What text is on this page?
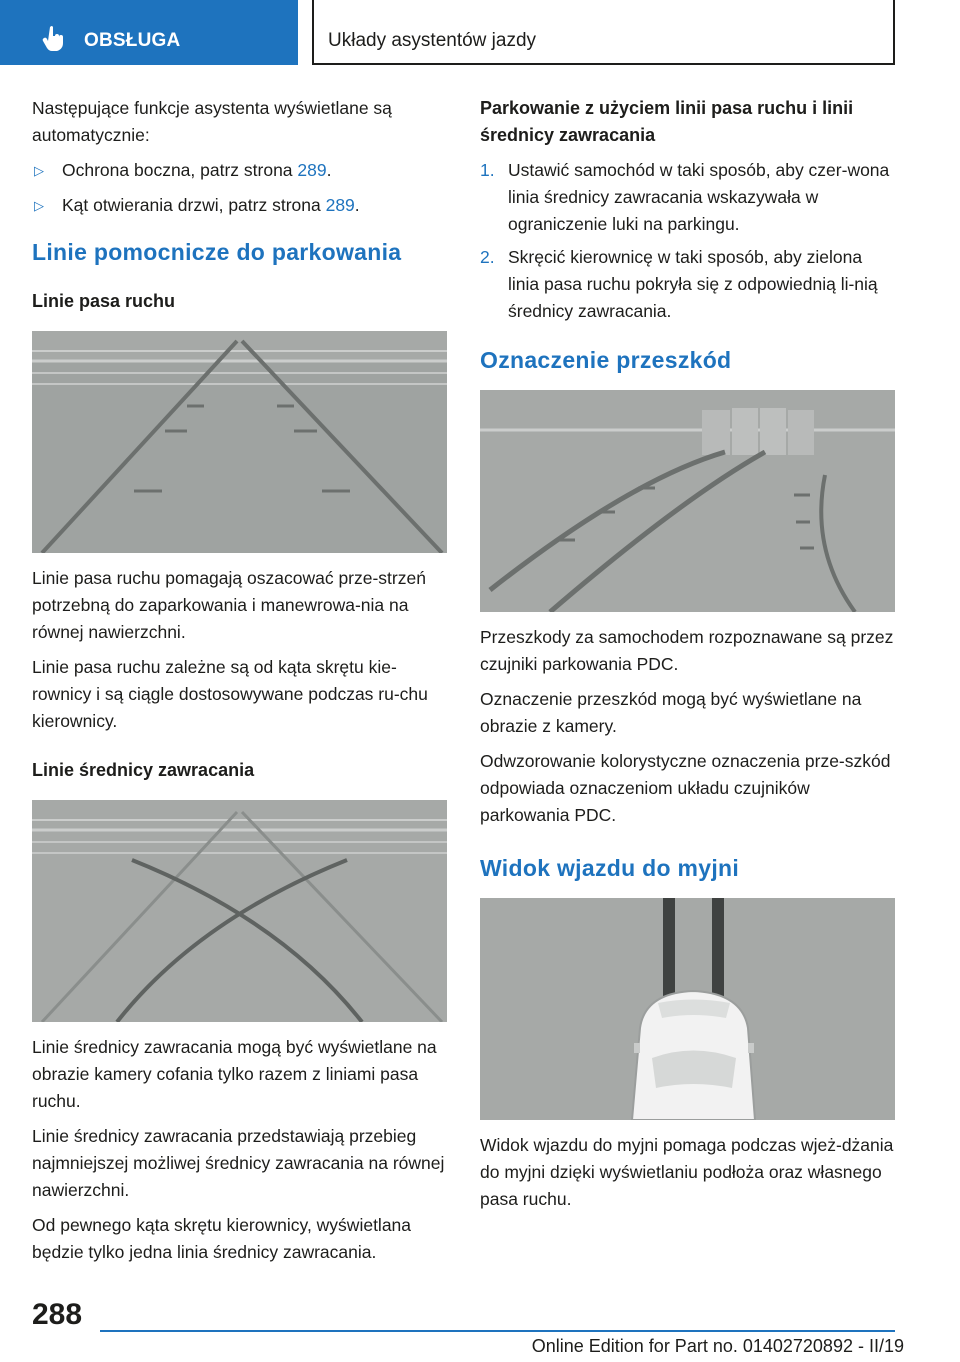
OBSŁUGA	Układy asystentów jazdy

Następujące funkcje asystenta wyświetlane są automatycznie:

▷ Ochrona boczna, patrz strona 289.
▷ Kąt otwierania drzwi, patrz strona 289.
Linie pomocnicze do parkowania
Linie pasa ruchu

Linie pasa ruchu pomagają oszacować prze-strzeń potrzebną do zaparkowania i manewrowa-nia na równej nawierzchni.

Linie pasa ruchu zależne są od kąta skrętu kie-rownicy i są ciągle dostosowywane podczas ru-chu kierownicy.

Linie średnicy zawracania

Linie średnicy zawracania mogą być wyświetlane na obrazie kamery cofania tylko razem z liniami pasa ruchu.

Linie średnicy zawracania przedstawiają przebieg najmniejszej możliwej średnicy zawracania na równej nawierzchni.

Od pewnego kąta skrętu kierownicy, wyświetlana będzie tylko jedna linia średnicy zawracania.

Parkowanie z użyciem linii pasa ruchu i linii średnicy zawracania
1. Ustawić samochód w taki sposób, aby czer-wona linia średnicy zawracania wskazywała w ograniczenie luki na parkingu.
2. Skręcić kierownicę w taki sposób, aby zielona linia pasa ruchu pokryła się z odpowiednią li-nią średnicy zawracania.
Oznaczenie przeszkód

Przeszkody za samochodem rozpoznawane są przez czujniki parkowania PDC.

Oznaczenie przeszkód mogą być wyświetlane na obrazie z kamery.

Odwzorowanie kolorystyczne oznaczenia prze-szkód odpowiada oznaczeniom układu czujników parkowania PDC.

Widok wjazdu do myjni

Widok wjazdu do myjni pomaga podczas wjeż-dżania do myjni dzięki wyświetlaniu podłoża oraz własnego pasa ruchu.

288
Online Edition for Part no. 01402720892 - II/19
